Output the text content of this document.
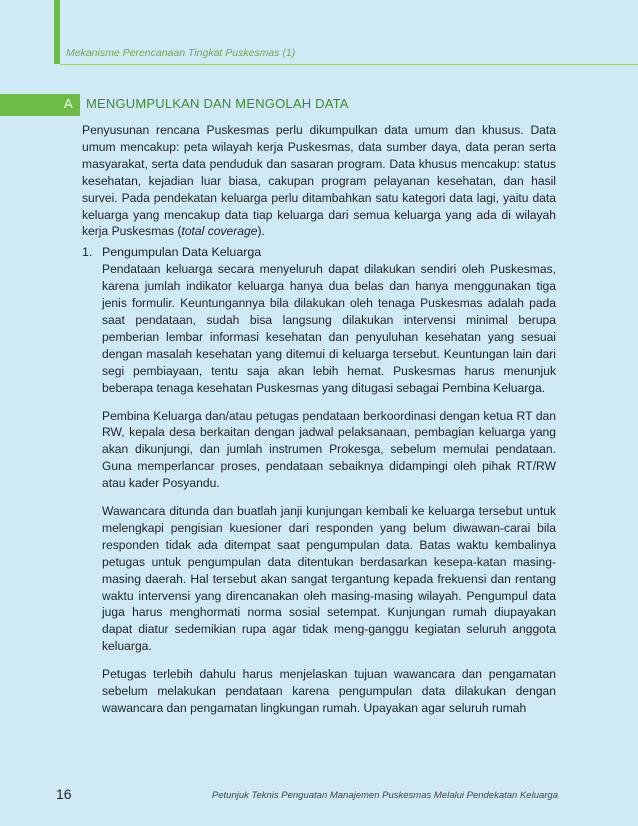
Mekanisme Perencanaan Tingkat Puskesmas (1)
A MENGUMPULKAN DAN MENGOLAH DATA

Penyusunan rencana Puskesmas perlu dikumpulkan data umum dan khusus. Data umum mencakup: peta wilayah kerja Puskesmas, data sumber daya, data peran serta masyarakat, serta data penduduk dan sasaran program. Data khusus mencakup: status kesehatan, kejadian luar biasa, cakupan program pelayanan kesehatan, dan hasil survei. Pada pendekatan keluarga perlu ditambahkan satu kategori data lagi, yaitu data keluarga yang mencakup data tiap keluarga dari semua keluarga yang ada di wilayah kerja Puskesmas (total coverage).

1. Pengumpulan Data Keluarga

Pendataan keluarga secara menyeluruh dapat dilakukan sendiri oleh Puskesmas, karena jumlah indikator keluarga hanya dua belas dan hanya menggunakan tiga jenis formulir. Keuntungannya bila dilakukan oleh tenaga Puskesmas adalah pada saat pendataan, sudah bisa langsung dilakukan intervensi minimal berupa pemberian lembar informasi kesehatan dan penyuluhan kesehatan yang sesuai dengan masalah kesehatan yang ditemui di keluarga tersebut. Keuntungan lain dari segi pembiayaan, tentu saja akan lebih hemat. Puskesmas harus menunjuk beberapa tenaga kesehatan Puskesmas yang ditugasi sebagai Pembina Keluarga.

Pembina Keluarga dan/atau petugas pendataan berkoordinasi dengan ketua RT dan RW, kepala desa berkaitan dengan jadwal pelaksanaan, pembagian keluarga yang akan dikunjungi, dan jumlah instrumen Prokesga, sebelum memulai pendataan. Guna memperlancar proses, pendataan sebaiknya didampingi oleh pihak RT/RW atau kader Posyandu.

Wawancara ditunda dan buatlah janji kunjungan kembali ke keluarga tersebut untuk melengkapi pengisian kuesioner dari responden yang belum diwawan-carai bila responden tidak ada ditempat saat pengumpulan data. Batas waktu kembalinya petugas untuk pengumpulan data ditentukan berdasarkan kesepa-katan masing-masing daerah. Hal tersebut akan sangat tergantung kepada frekuensi dan rentang waktu intervensi yang direncanakan oleh masing-masing wilayah. Pengumpul data juga harus menghormati norma sosial setempat. Kunjungan rumah diupayakan dapat diatur sedemikian rupa agar tidak meng-ganggu kegiatan seluruh anggota keluarga.

Petugas terlebih dahulu harus menjelaskan tujuan wawancara dan pengamatan sebelum melakukan pendataan karena pengumpulan data dilakukan dengan wawancara dan pengamatan lingkungan rumah. Upayakan agar seluruh rumah

16	Petunjuk Teknis Penguatan Manajemen Puskesmas Melalui Pendekatan Keluarga
